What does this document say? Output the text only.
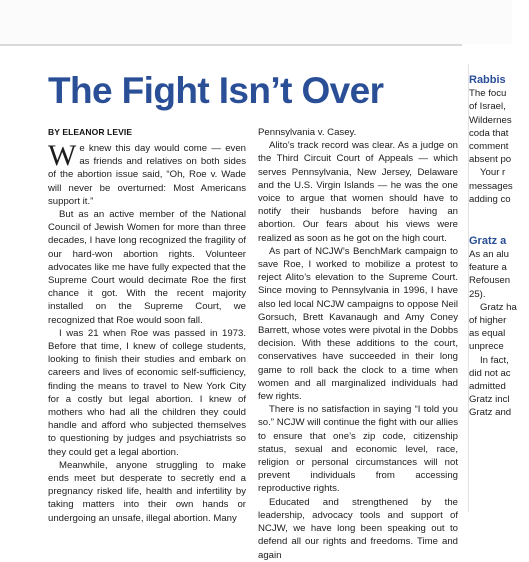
The Fight Isn’t Over
BY ELEANOR LEVIE

We knew this day would come — even as friends and relatives on both sides of the abortion issue said, “Oh, Roe v. Wade will never be overturned: Most Americans support it.”

But as an active member of the National Council of Jewish Women for more than three decades, I have long recognized the fragility of our hard-won abortion rights. Volunteer advocates like me have fully expected that the Supreme Court would decimate Roe the first chance it got. With the recent majority installed on the Supreme Court, we recognized that Roe would soon fall.

I was 21 when Roe was passed in 1973. Before that time, I knew of college students, looking to finish their studies and embark on careers and lives of economic self-sufficiency, finding the means to travel to New York City for a costly but legal abortion. I knew of mothers who had all the children they could handle and afford who subjected themselves to questioning by judges and psychiatrists so they could get a legal abortion.

Meanwhile, anyone struggling to make ends meet but desperate to secretly end a pregnancy risked life, health and infertility by taking matters into their own hands or undergoing an unsafe, illegal abortion. Many

Pennsylvania v. Casey.

Alito’s track record was clear. As a judge on the Third Circuit Court of Appeals — which serves Pennsylvania, New Jersey, Delaware and the U.S. Virgin Islands — he was the one voice to argue that women should have to notify their husbands before having an abortion. Our fears about his views were realized as soon as he got on the high court.

As part of NCJW’s BenchMark campaign to save Roe, I worked to mobilize a protest to reject Alito’s elevation to the Supreme Court. Since moving to Pennsylvania in 1996, I have also led local NCJW campaigns to oppose Neil Gorsuch, Brett Kavanaugh and Amy Coney Barrett, whose votes were pivotal in the Dobbs decision. With these additions to the court, conservatives have succeeded in their long game to roll back the clock to a time when women and all marginalized individuals had few rights.

There is no satisfaction in saying “I told you so.” NCJW will continue the fight with our allies to ensure that one’s zip code, citizenship status, sexual and economic level, race, religion or personal circumstances will not prevent individuals from accessing reproductive rights.

Educated and strengthened by the leadership, advocacy tools and support of NCJW, we have long been speaking out to defend all our rights and freedoms. Time and again

Rabbis
The focu
of Israel,
Wildernes
coda that
comment
absent po
Your r
messages
adding co
Gratz a
As an alu
feature a
Refousen
25).
Gratz ha
of higher
as equal
unprece
In fact,
did not ac
admitted
Gratz incl
Gratz and
